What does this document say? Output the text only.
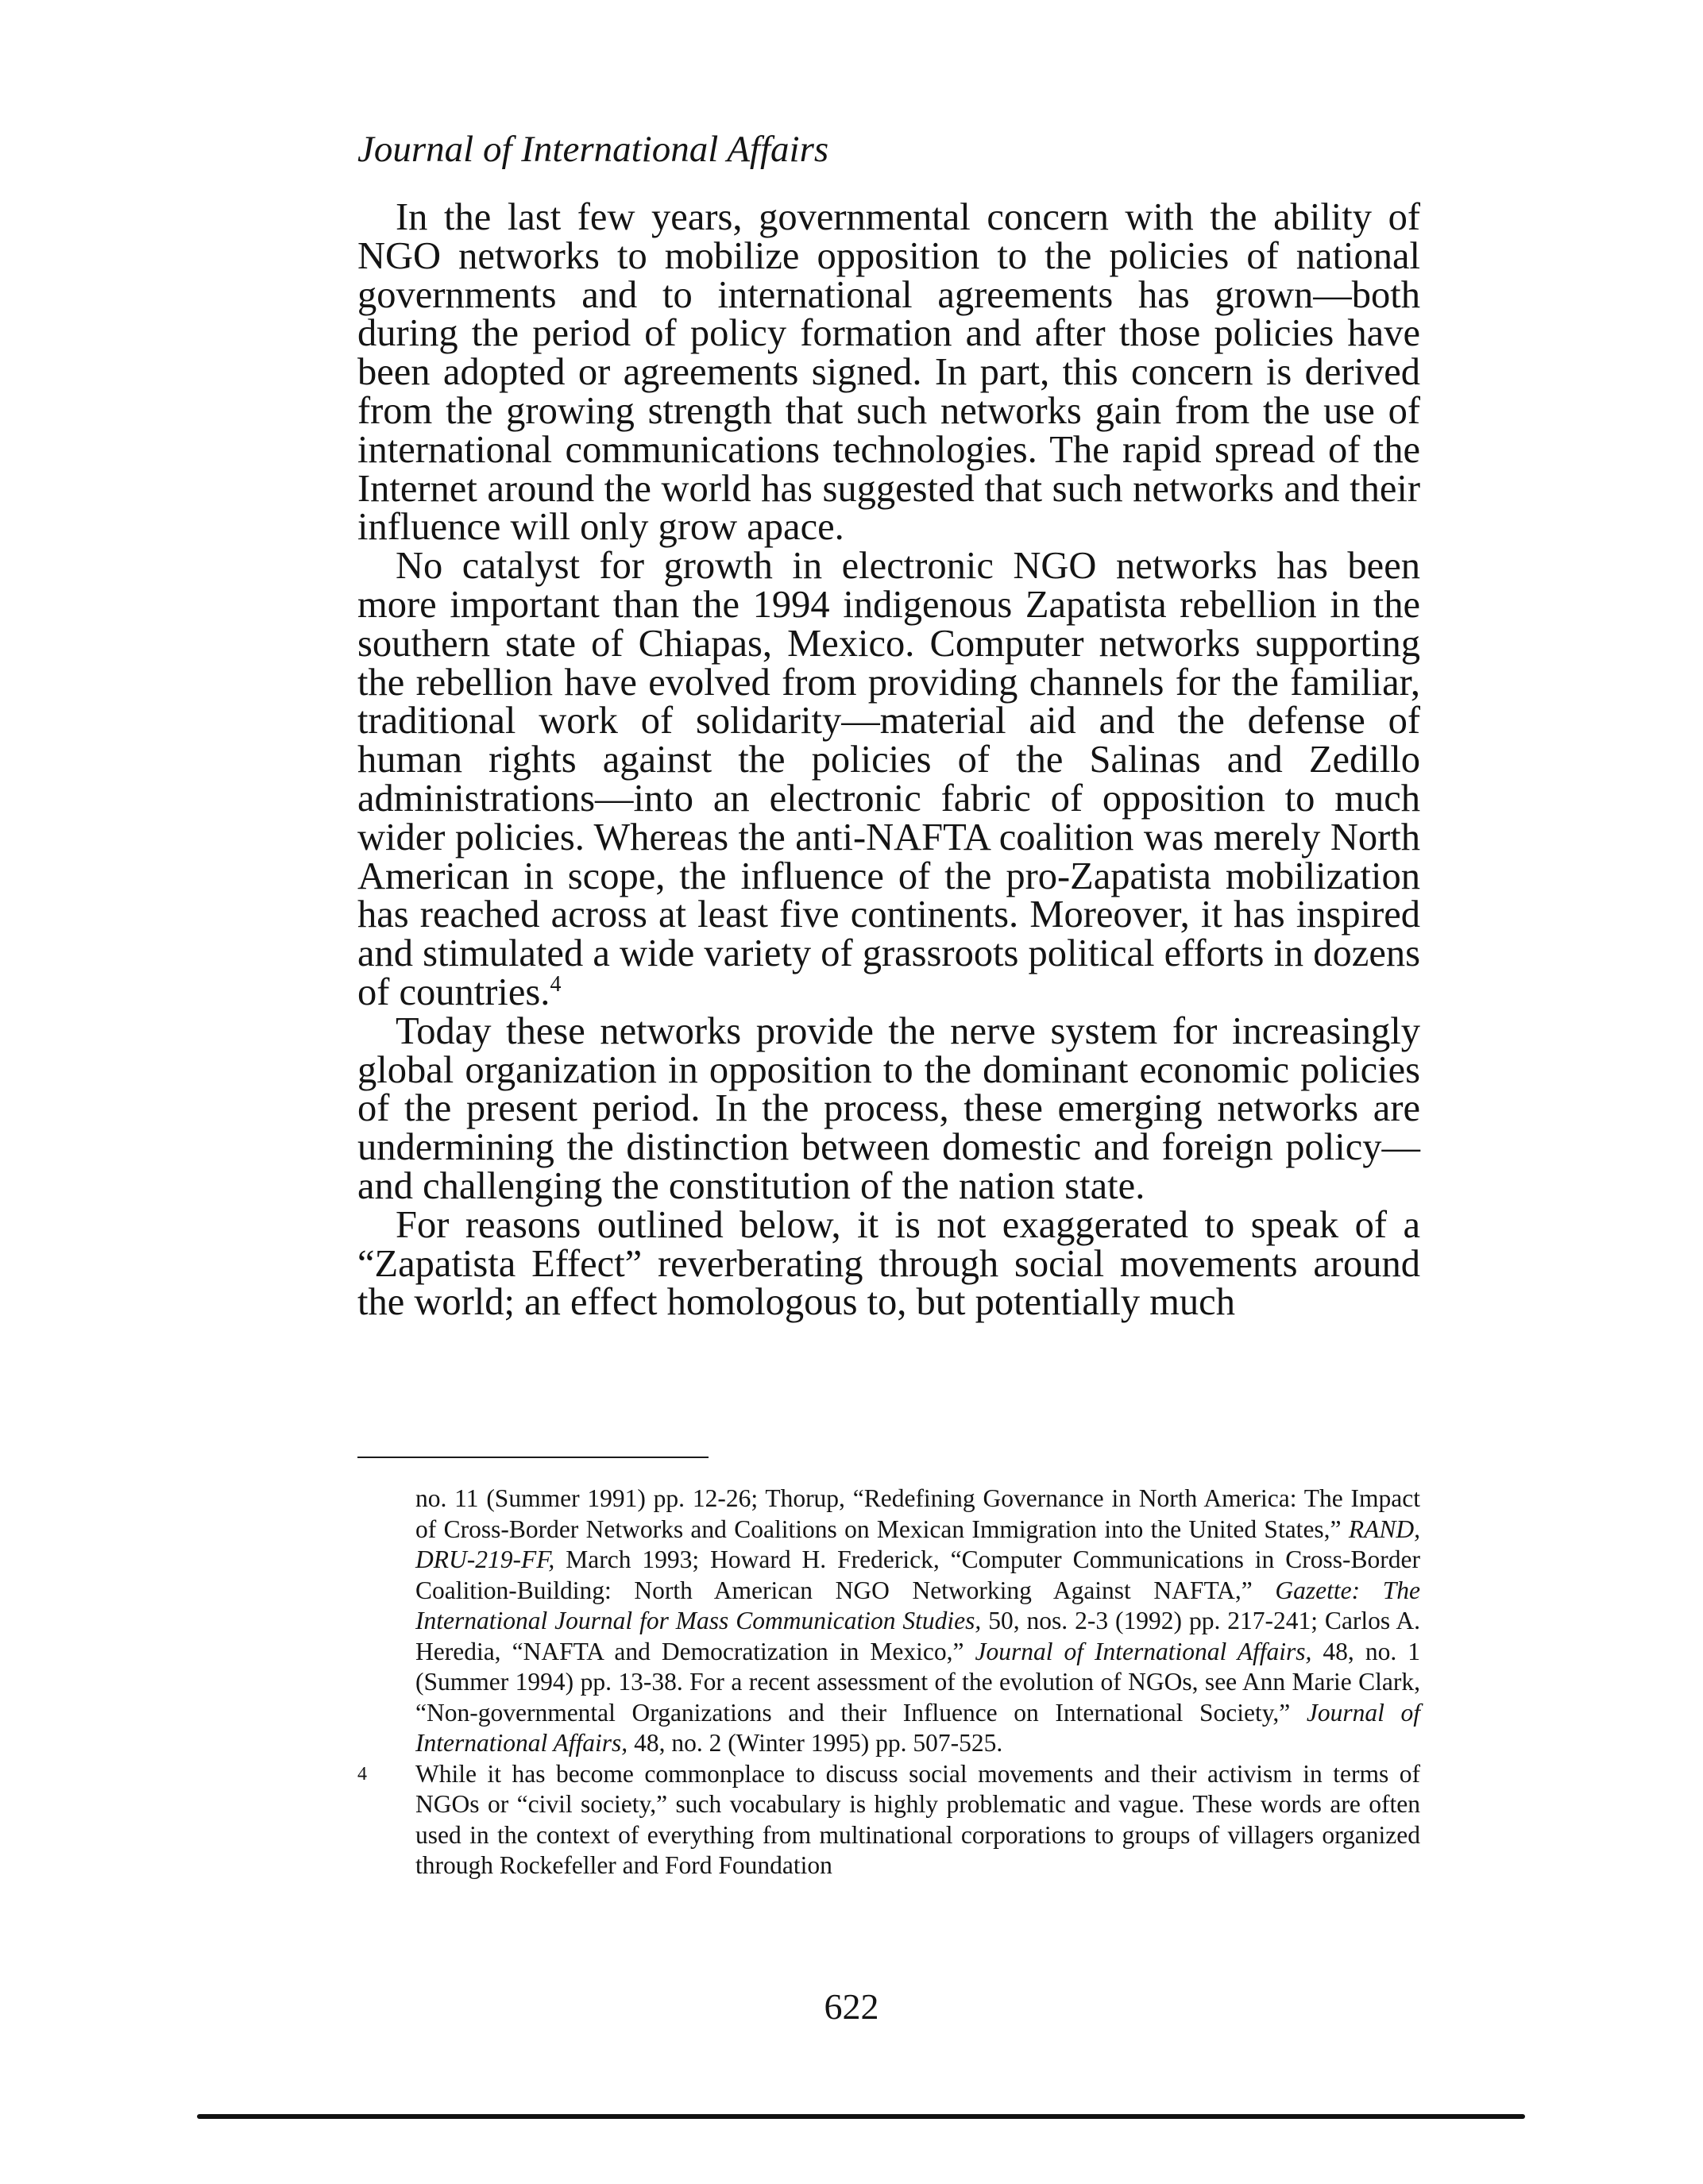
Journal of International Affairs

In the last few years, governmental concern with the ability of NGO networks to mobilize opposition to the policies of national governments and to international agreements has grown—both during the period of policy formation and after those policies have been adopted or agreements signed. In part, this concern is derived from the growing strength that such networks gain from the use of international communications technologies. The rapid spread of the Internet around the world has suggested that such networks and their influence will only grow apace.

No catalyst for growth in electronic NGO networks has been more important than the 1994 indigenous Zapatista rebellion in the southern state of Chiapas, Mexico. Computer networks supporting the rebellion have evolved from providing channels for the familiar, traditional work of solidarity—material aid and the defense of human rights against the policies of the Salinas and Zedillo administrations—into an electronic fabric of opposition to much wider policies. Whereas the anti-NAFTA coalition was merely North American in scope, the influence of the pro-Zapatista mobilization has reached across at least five continents. Moreover, it has inspired and stimulated a wide variety of grassroots political efforts in dozens of countries.$^4$

Today these networks provide the nerve system for increasingly global organization in opposition to the dominant economic policies of the present period. In the process, these emerging networks are undermining the distinction between domestic and foreign policy—and challenging the constitution of the nation state.

For reasons outlined below, it is not exaggerated to speak of a “Zapatista Effect” reverberating through social movements around the world; an effect homologous to, but potentially much

no. 11 (Summer 1991) pp. 12-26; Thorup, “Redefining Governance in North America: The Impact of Cross-Border Networks and Coalitions on Mexican Immigration into the United States,” RAND, DRU-219-FF, March 1993; Howard H. Frederick, “Computer Communications in Cross-Border Coalition-Building: North American NGO Networking Against NAFTA,” Gazette: The International Journal for Mass Communication Studies, 50, nos. 2-3 (1992) pp. 217-241; Carlos A. Heredia, “NAFTA and Democratization in Mexico,” Journal of International Affairs, 48, no. 1 (Summer 1994) pp. 13-38. For a recent assessment of the evolution of NGOs, see Ann Marie Clark, “Non-governmental Organizations and their Influence on International Society,” Journal of International Affairs, 48, no. 2 (Winter 1995) pp. 507-525.

4 While it has become commonplace to discuss social movements and their activism in terms of NGOs or “civil society,” such vocabulary is highly problematic and vague. These words are often used in the context of everything from multinational corporations to groups of villagers organized through Rockefeller and Ford Foundation

622
